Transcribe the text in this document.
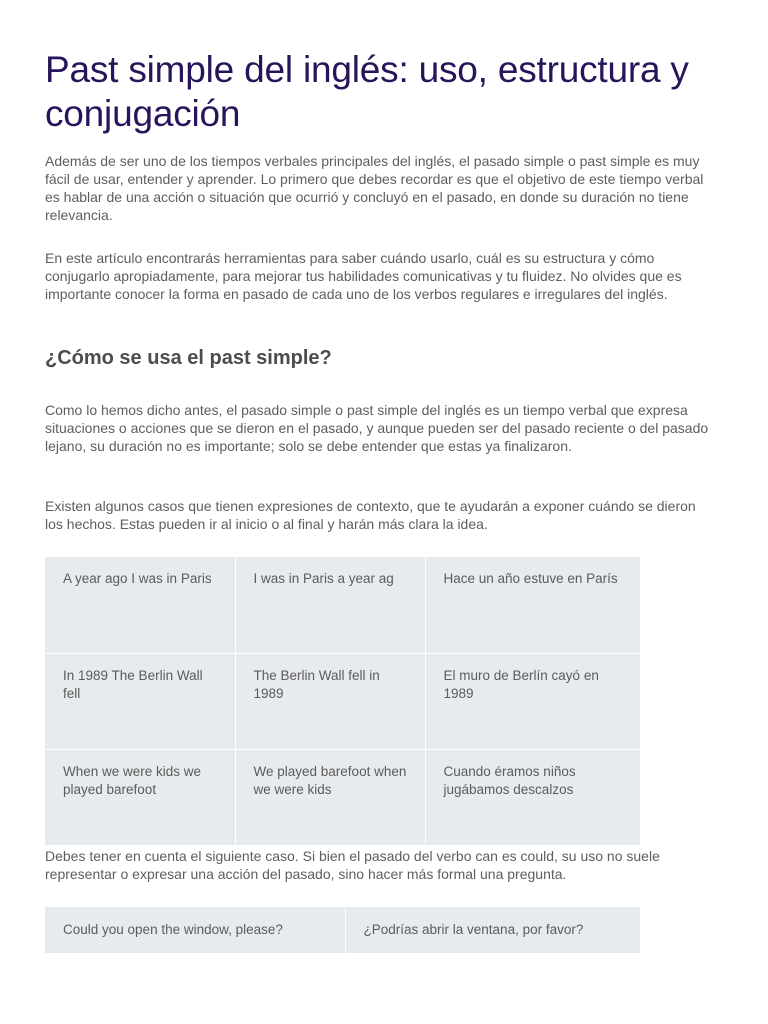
Past simple del inglés: uso, estructura y conjugación

Además de ser uno de los tiempos verbales principales del inglés, el pasado simple o past simple es muy fácil de usar, entender y aprender. Lo primero que debes recordar es que el objetivo de este tiempo verbal es hablar de una acción o situación que ocurrió y concluyó en el pasado, en donde su duración no tiene relevancia.

En este artículo encontrarás herramientas para saber cuándo usarlo, cuál es su estructura y cómo conjugarlo apropiadamente, para mejorar tus habilidades comunicativas y tu fluidez. No olvides que es importante conocer la forma en pasado de cada uno de los verbos regulares e irregulares del inglés.

¿Cómo se usa el past simple?

Como lo hemos dicho antes, el pasado simple o past simple del inglés es un tiempo verbal que expresa situaciones o acciones que se dieron en el pasado, y aunque pueden ser del pasado reciente o del pasado lejano, su duración no es importante; solo se debe entender que estas ya finalizaron.

Existen algunos casos que tienen expresiones de contexto, que te ayudarán a exponer cuándo se dieron los hechos. Estas pueden ir al inicio o al final y harán más clara la idea.

A year ago I was in Paris	I was in Paris a year ag	Hace un año estuve en París
In 1989 The Berlin Wall fell	The Berlin Wall fell in 1989	El muro de Berlín cayó en 1989
When we were kids we played barefoot	We played barefoot when we were kids	Cuando éramos niños jugábamos descalzos

Debes tener en cuenta el siguiente caso. Si bien el pasado del verbo can es could, su uso no suele representar o expresar una acción del pasado, sino hacer más formal una pregunta.

Could you open the window, please?	¿Podrías abrir la ventana, por favor?
